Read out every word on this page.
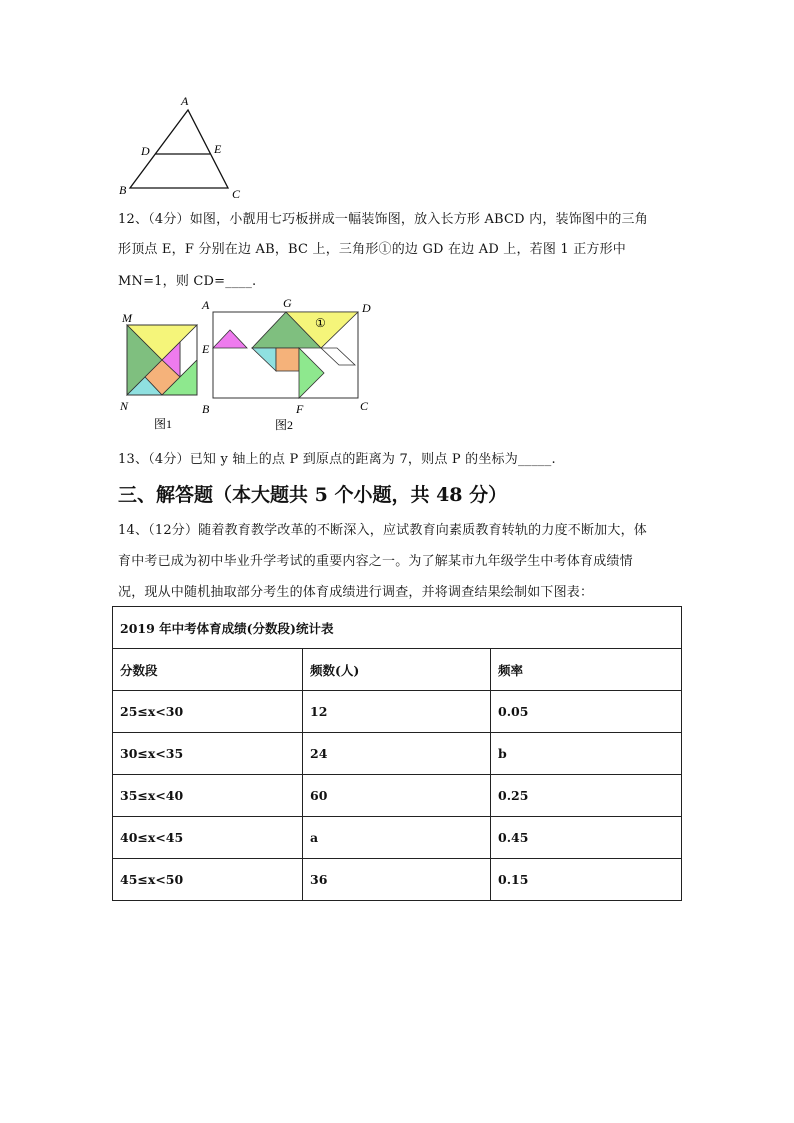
A
D	E
B	C
12、（4分）如图，小靓用七巧板拼成一幅装饰图，放入长方形 ABCD 内，装饰图中的三角
形顶点 E，F 分别在边 AB，BC 上，三角形①的边 GD 在边 AD 上，若图 1 正方形中
MN=1，则 CD=____.
M
N
图1
①
A	G	D
E
B	F	C
图2
13、（4分）已知 y 轴上的点 P 到原点的距离为 7，则点 P 的坐标为_____.
三、解答题（本大题共 5 个小题，共 48 分）
14、（12分）随着教育教学改革的不断深入，应试教育向素质教育转轨的力度不断加大，体
育中考已成为初中毕业升学考试的重要内容之一。为了解某市九年级学生中考体育成绩情
况，现从中随机抽取部分考生的体育成绩进行调查，并将调查结果绘制如下图表：
2019 年中考体育成绩(分数段)统计表		
分数段	频数(人)	频率
25≤x<30	12	0.05
30≤x<35	24	b
35≤x<40	60	0.25
40≤x<45	a	0.45
45≤x<50	36	0.15
